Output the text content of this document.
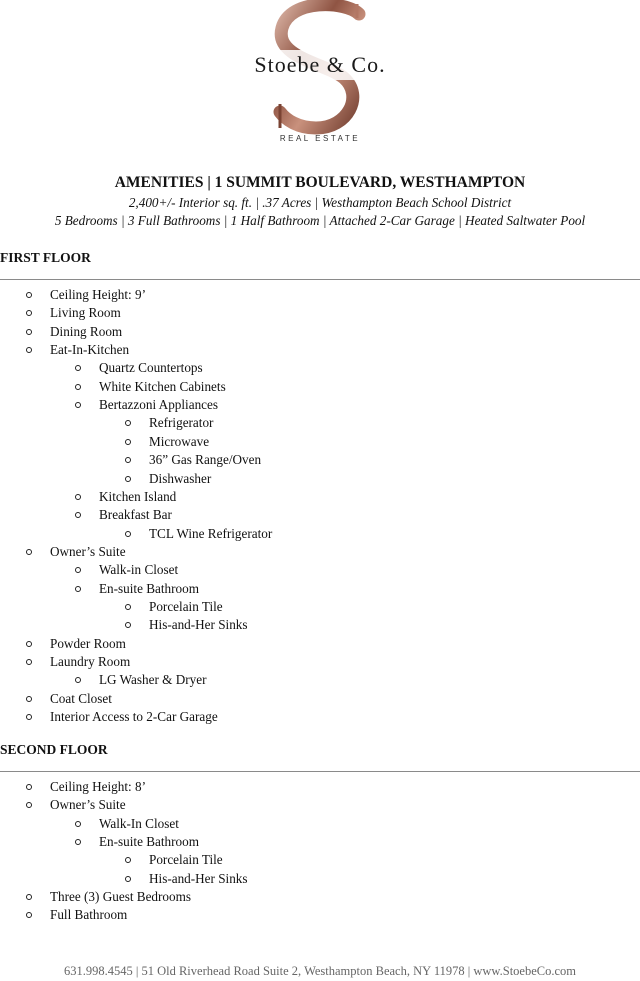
Stoebe & Co.
REAL ESTATE
AMENITIES | 1 SUMMIT BOULEVARD, WESTHAMPTON
2,400+/- Interior sq. ft. | .37 Acres | Westhampton Beach School District
5 Bedrooms | 3 Full Bathrooms | 1 Half Bathroom | Attached 2-Car Garage | Heated Saltwater Pool
FIRST FLOOR
Ceiling Height: 9’
Living Room
Dining Room
Eat-In-Kitchen
Quartz Countertops
White Kitchen Cabinets
Bertazzoni Appliances
Refrigerator
Microwave
36” Gas Range/Oven
Dishwasher
Kitchen Island
Breakfast Bar
TCL Wine Refrigerator
Owner’s Suite
Walk-in Closet
En-suite Bathroom
Porcelain Tile
His-and-Her Sinks
Powder Room
Laundry Room
LG Washer & Dryer
Coat Closet
Interior Access to 2-Car Garage
SECOND FLOOR
Ceiling Height: 8’
Owner’s Suite
Walk-In Closet
En-suite Bathroom
Porcelain Tile
His-and-Her Sinks
Three (3) Guest Bedrooms
Full Bathroom
631.998.4545 | 51 Old Riverhead Road Suite 2, Westhampton Beach, NY 11978 | www.StoebeCo.com
